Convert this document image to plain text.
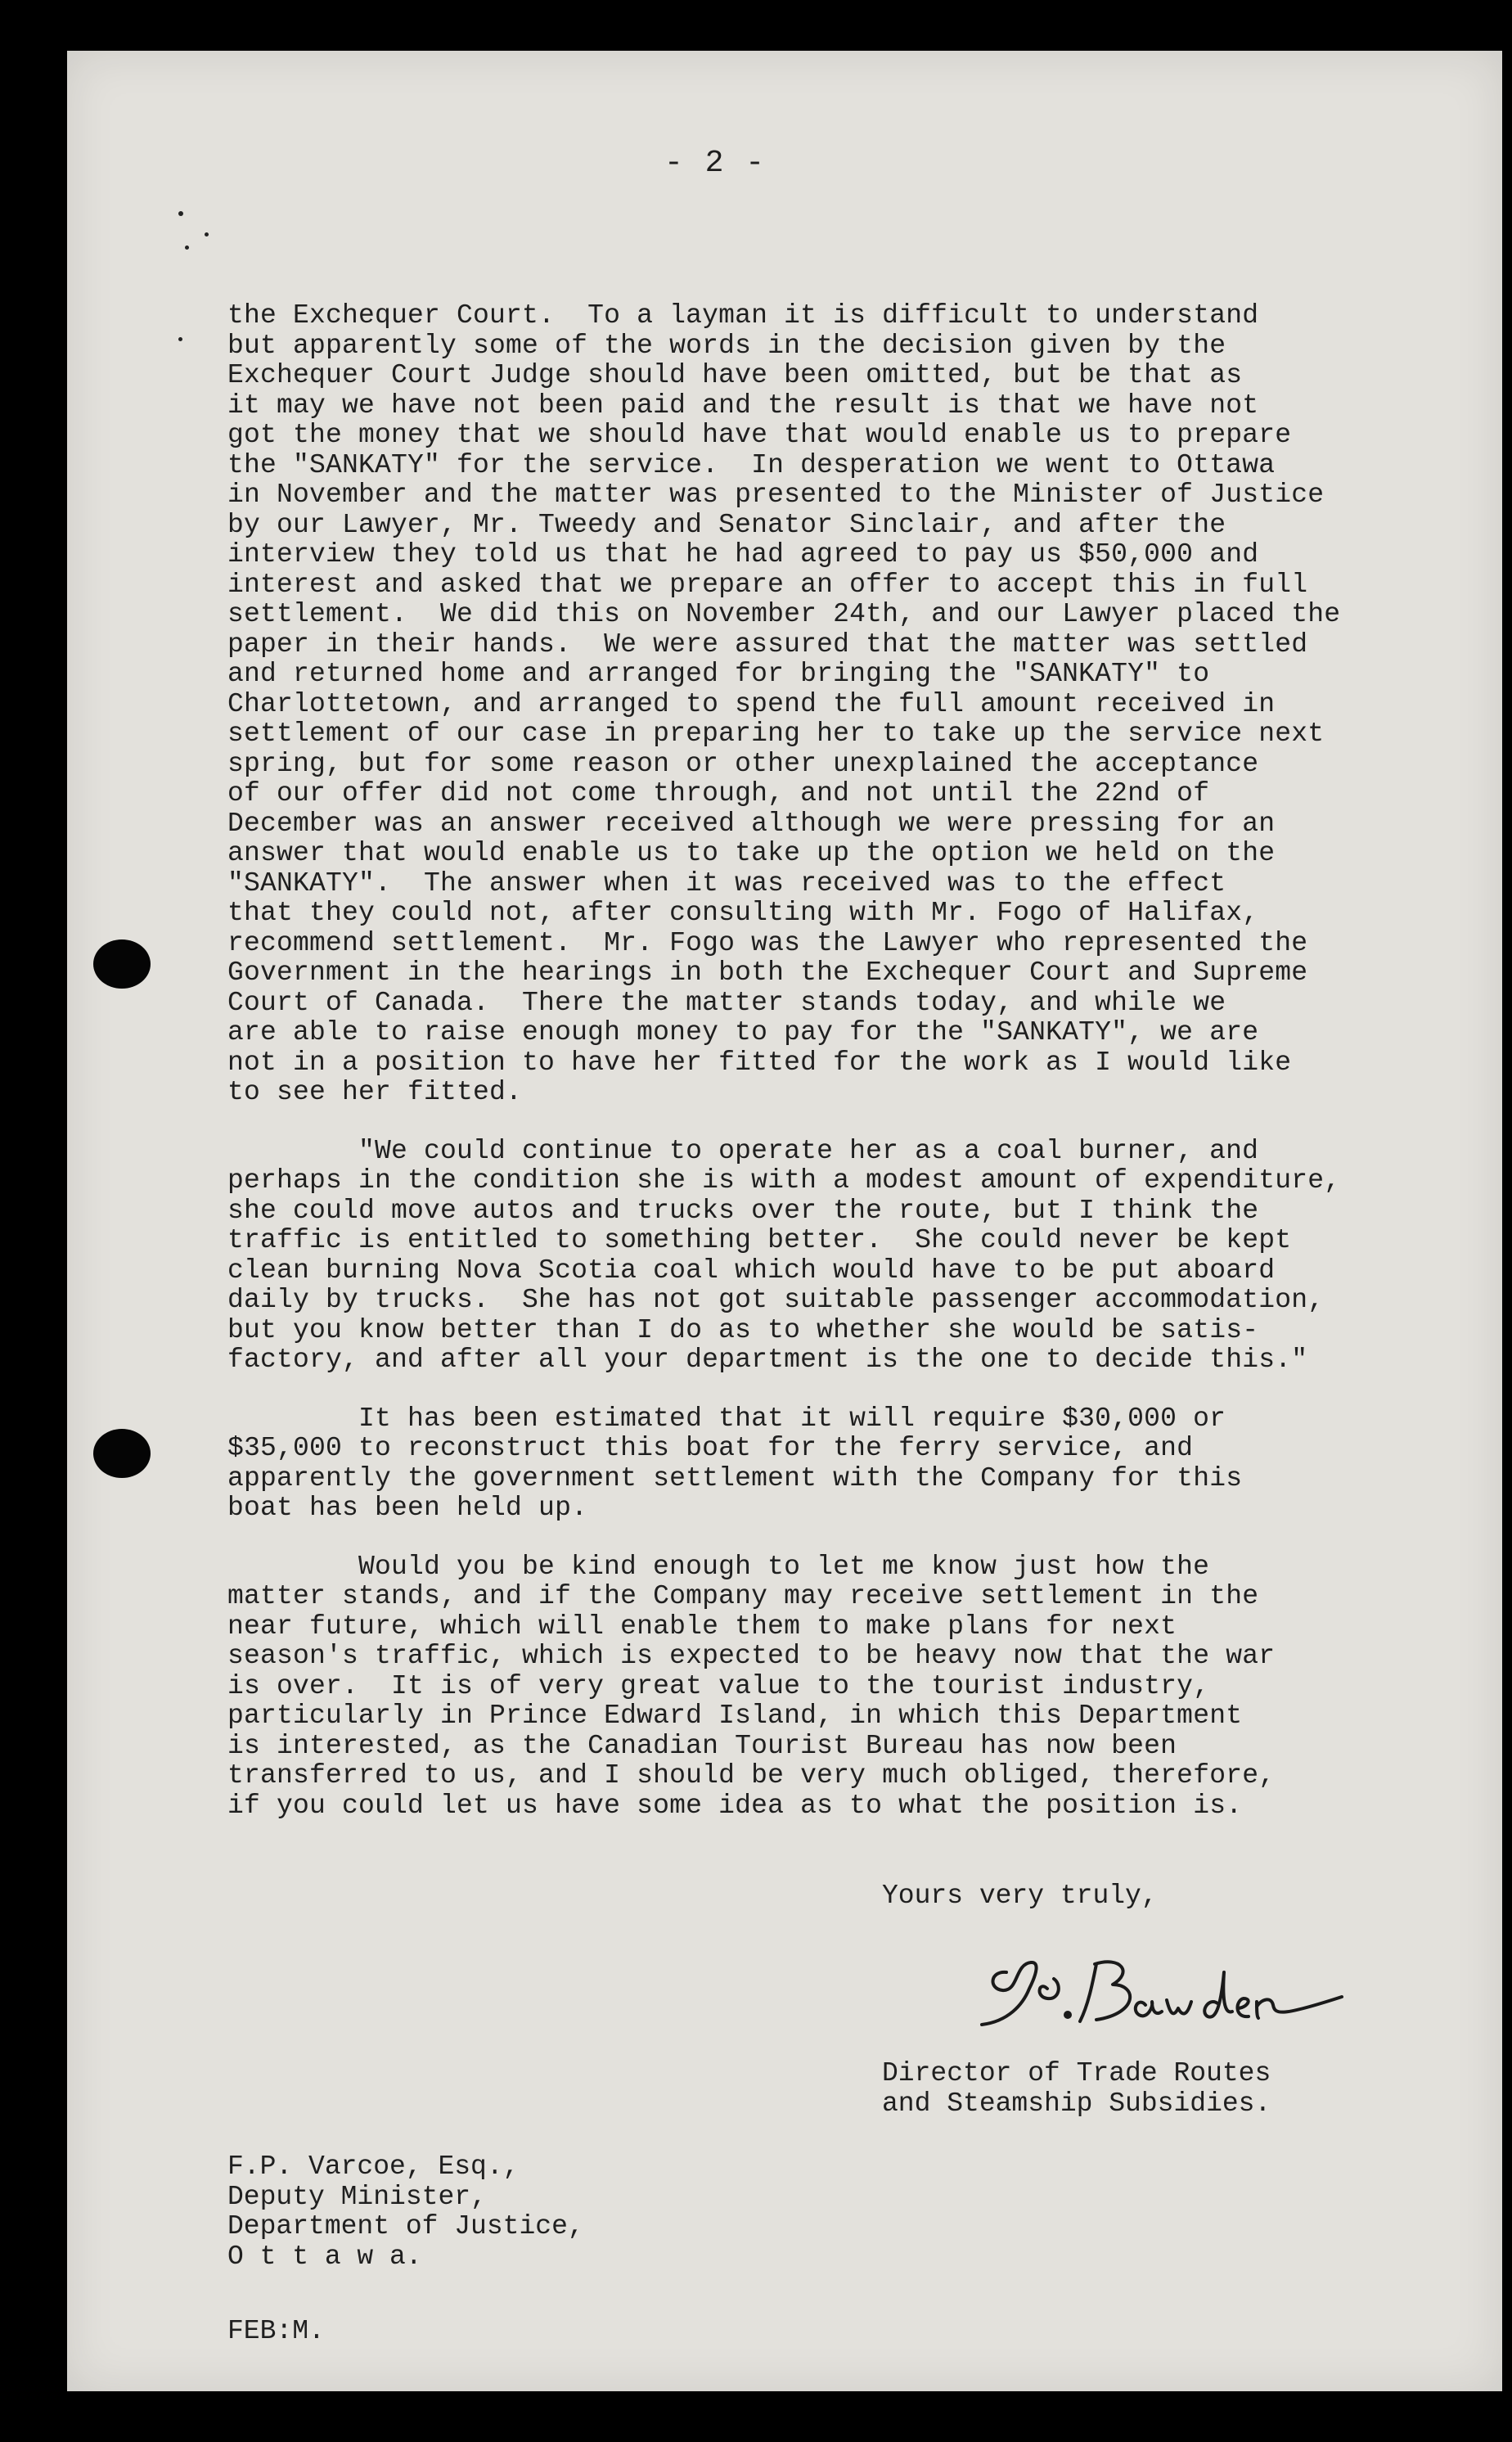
- 2 -
the Exchequer Court.  To a layman it is difficult to understand
but apparently some of the words in the decision given by the
Exchequer Court Judge should have been omitted, but be that as
it may we have not been paid and the result is that we have not
got the money that we should have that would enable us to prepare
the "SANKATY" for the service.  In desperation we went to Ottawa
in November and the matter was presented to the Minister of Justice
by our Lawyer, Mr. Tweedy and Senator Sinclair, and after the
interview they told us that he had agreed to pay us $50,000 and
interest and asked that we prepare an offer to accept this in full
settlement.  We did this on November 24th, and our Lawyer placed the
paper in their hands.  We were assured that the matter was settled
and returned home and arranged for bringing the "SANKATY" to
Charlottetown, and arranged to spend the full amount received in
settlement of our case in preparing her to take up the service next
spring, but for some reason or other unexplained the acceptance
of our offer did not come through, and not until the 22nd of
December was an answer received although we were pressing for an
answer that would enable us to take up the option we held on the
"SANKATY".  The answer when it was received was to the effect
that they could not, after consulting with Mr. Fogo of Halifax,
recommend settlement.  Mr. Fogo was the Lawyer who represented the
Government in the hearings in both the Exchequer Court and Supreme
Court of Canada.  There the matter stands today, and while we
are able to raise enough money to pay for the "SANKATY", we are
not in a position to have her fitted for the work as I would like
to see her fitted.
"We could continue to operate her as a coal burner, and
perhaps in the condition she is with a modest amount of expenditure,
she could move autos and trucks over the route, but I think the
traffic is entitled to something better.  She could never be kept
clean burning Nova Scotia coal which would have to be put aboard
daily by trucks.  She has not got suitable passenger accommodation,
but you know better than I do as to whether she would be satis-
factory, and after all your department is the one to decide this."
It has been estimated that it will require $30,000 or
$35,000 to reconstruct this boat for the ferry service, and
apparently the government settlement with the Company for this
boat has been held up.
Would you be kind enough to let me know just how the
matter stands, and if the Company may receive settlement in the
near future, which will enable them to make plans for next
season's traffic, which is expected to be heavy now that the war
is over.  It is of very great value to the tourist industry,
particularly in Prince Edward Island, in which this Department
is interested, as the Canadian Tourist Bureau has now been
transferred to us, and I should be very much obliged, therefore,
if you could let us have some idea as to what the position is.
Yours very truly,
Director of Trade Routes
and Steamship Subsidies.
F.P. Varcoe, Esq.,
Deputy Minister,
Department of Justice,
O t t a w a.
FEB:M.
